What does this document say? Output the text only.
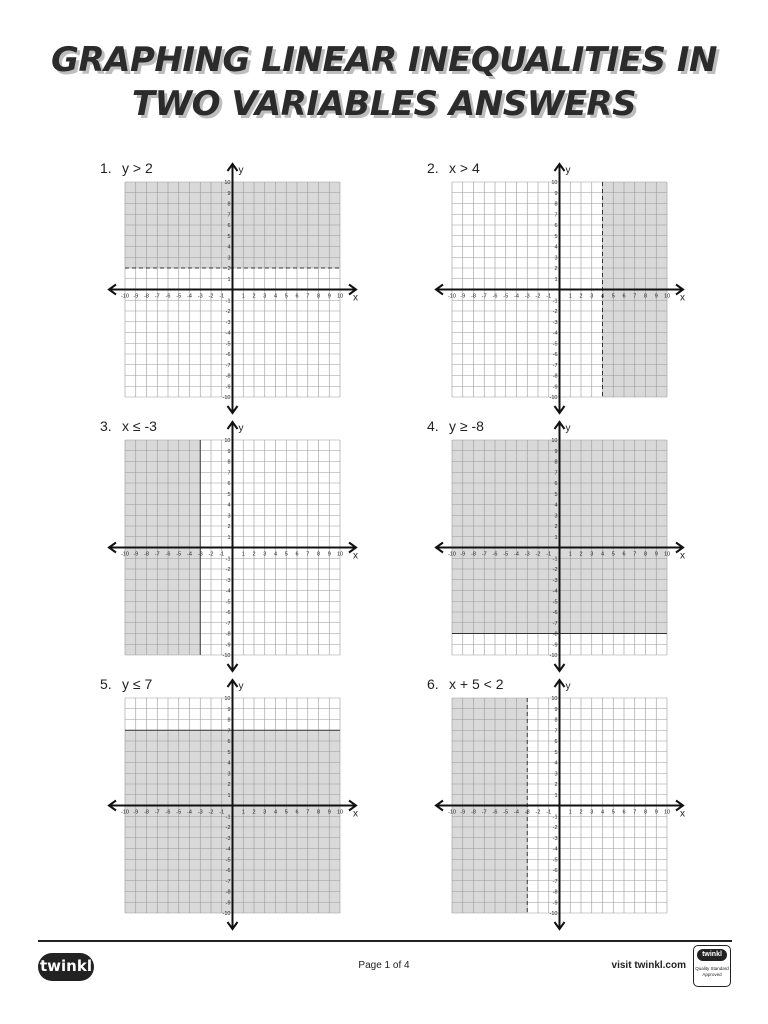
GRAPHING LINEAR INEQUALITIES IN
TWO VARIABLES ANSWERS
1. y > 2
x
y
-10 -9 -8 -7 -6 -5 -4 -3 -2 -1	1 2 3 4 5 6 7 8 9 10
-10
-9
-8
-7
-6
-5
-4
-3
-2
-1
1
2
3
4
5
6
7
8
9
10
2. x > 4
x
y
-10 -9 -8 -7 -6 -5 -4 -3 -2 -1	1 2 3 4 5 6 7 8 9 10
-10
-9
-8
-7
-6
-5
-4
-3
-2
-1
1
2
3
4
5
6
7
8
9
10
3. x ≤ -3
x
y
-10 -9 -8 -7 -6 -5 -4 -3 -2 -1	1 2 3 4 5 6 7 8 9 10
-10
-9
-8
-7
-6
-5
-4
-3
-2
-1
1
2
3
4
5
6
7
8
9
10
4. y ≥ -8
x
y
-10 -9 -8 -7 -6 -5 -4 -3 -2 -1	1 2 3 4 5 6 7 8 9 10
-10
-9
-8
-7
-6
-5
-4
-3
-2
-1
1
2
3
4
5
6
7
8
9
10
5. y ≤ 7
x
y
-10 -9 -8 -7 -6 -5 -4 -3 -2 -1	1 2 3 4 5 6 7 8 9 10
-10
-9
-8
-7
-6
-5
-4
-3
-2
-1
1
2
3
4
5
6
7
8
9
10
6. x + 5 < 2
x
y
-10 -9 -8 -7 -6 -5 -4 -3 -2 -1	1 2 3 4 5 6 7 8 9 10
-10
-9
-8
-7
-6
-5
-4
-3
-2
-1
1
2
3
4
5
6
7
8
9
10
twinkl	Page 1 of 4	visit twinkl.com
twinkl
Quality Standard Approved
